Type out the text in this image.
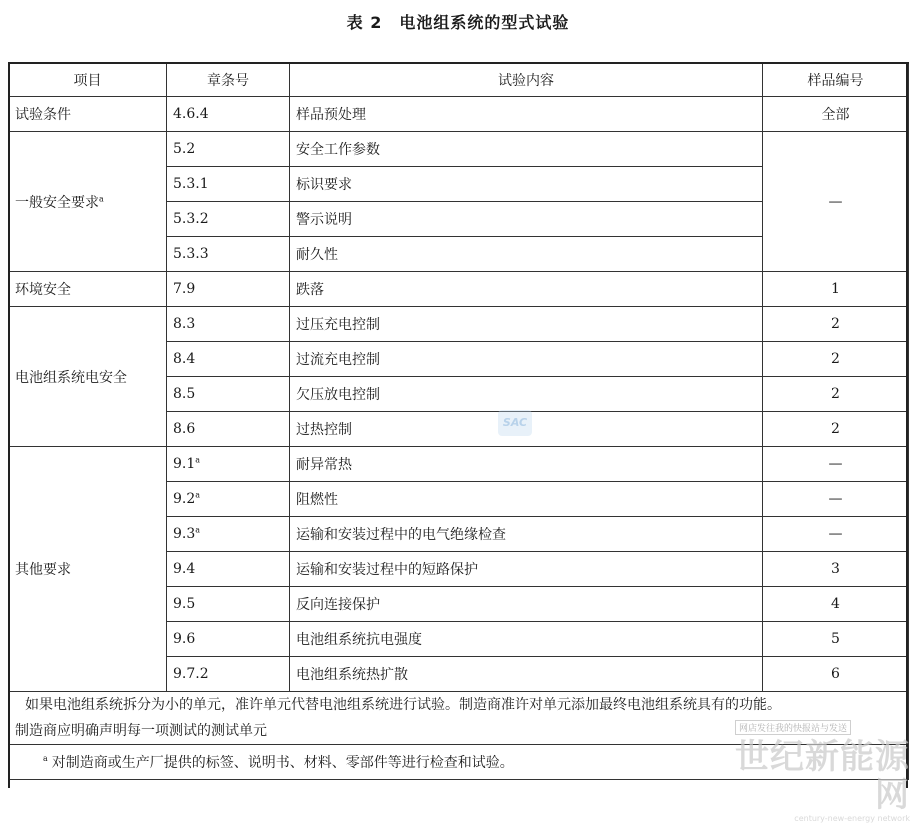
表 2　电池组系统的型式试验
项目	章条号	试验内容	样品编号
试验条件	4.6.4	样品预处理	全部
一般安全要求$^a$	5.2	安全工作参数	—
	5.3.1	标识要求	
	5.3.2	警示说明	
	5.3.3	耐久性	
环境安全	7.9	跌落	1
电池组系统电安全	8.3	过压充电控制	2
	8.4	过流充电控制	2
	8.5	欠压放电控制	2
	8.6	过热控制	2
其他要求	9.1$^a$	耐异常热	—
	9.2$^a$	阻燃性	—
	9.3$^a$	运输和安装过程中的电气绝缘检查	—
	9.4	运输和安装过程中的短路保护	3
	9.5	反向连接保护	4
	9.6	电池组系统抗电强度	5
	9.7.2	电池组系统热扩散	6

如果电池组系统拆分为小的单元，准许单元代替电池组系统进行试验。制造商准许对单元添加最终电池组系统具有的功能。
制造商应明确声明每一项测试的测试单元			

$^a$ 对制造商或生产厂提供的标签、说明书、材料、零部件等进行检查和试验。			
SAC
网店发往我的快报站与发送
世纪新能源网
century-new-energy network
